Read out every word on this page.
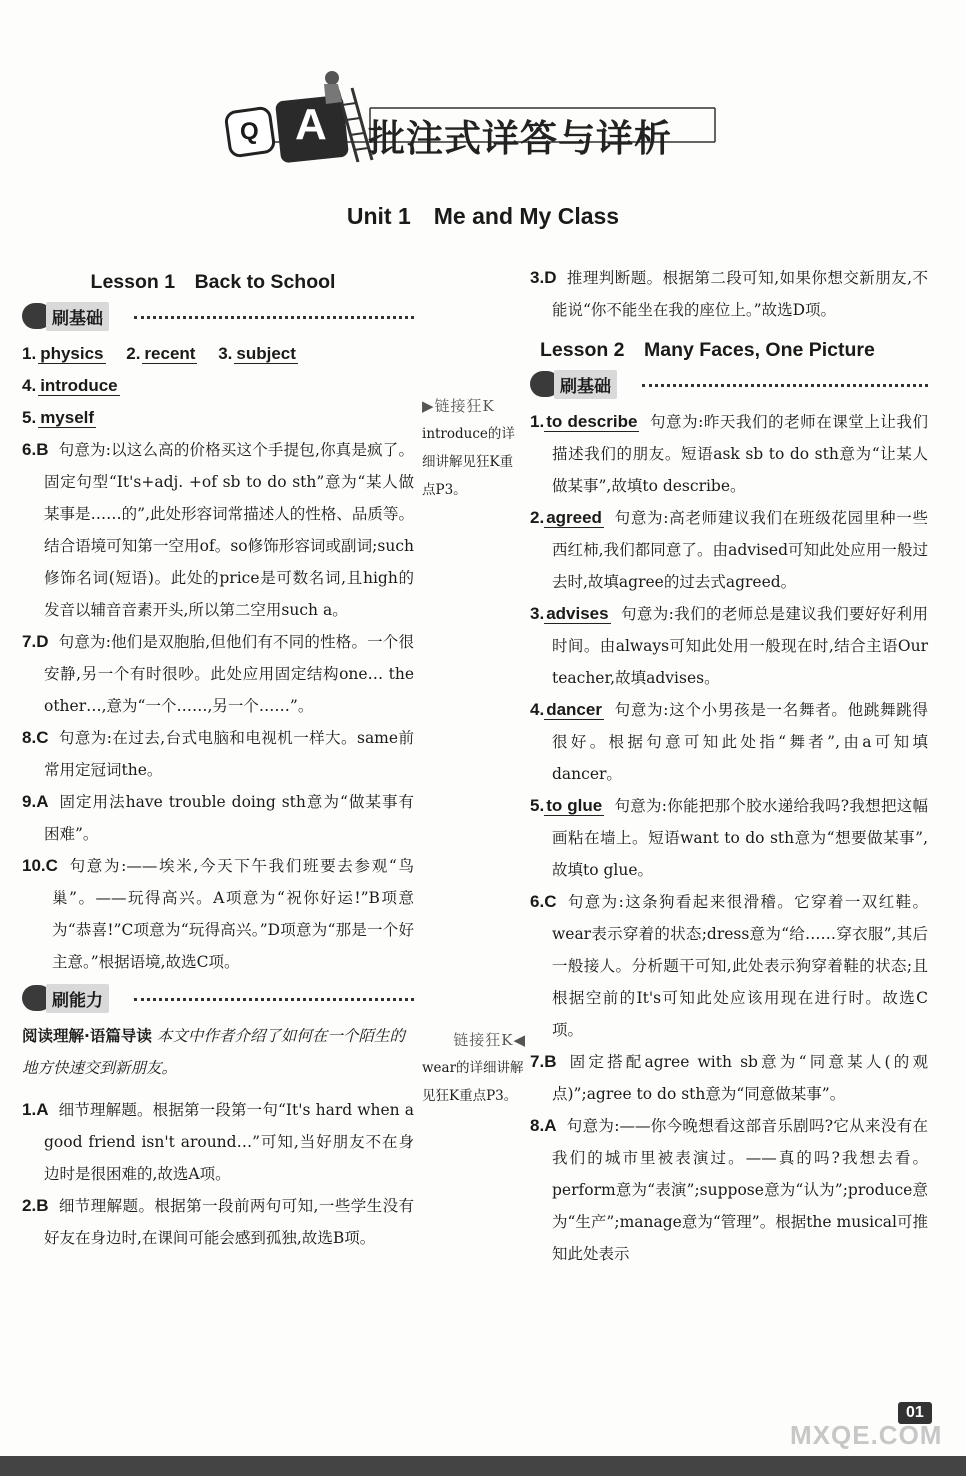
Q A 批注式详答与详析
Unit 1　Me and My Class
Lesson 1　Back to School
刷基础
1. physics 2. recent 3. subject
4. introduce
5. myself
6.B 句意为:以这么高的价格买这个手提包,你真是疯了。固定句型“It's+adj. +of sb to do sth”意为“某人做某事是……的”,此处形容词常描述人的性格、品质等。结合语境可知第一空用of。so修饰形容词或副词;such修饰名词(短语)。此处的price是可数名词,且high的发音以辅音音素开头,所以第二空用such a。
7.D 句意为:他们是双胞胎,但他们有不同的性格。一个很安静,另一个有时很吵。此处应用固定结构one… the other…,意为“一个……,另一个……”。
8.C 句意为:在过去,台式电脑和电视机一样大。same前常用定冠词the。
9.A 固定用法have trouble doing sth意为“做某事有困难”。
10.C 句意为:——埃米,今天下午我们班要去参观“鸟巢”。——玩得高兴。A项意为“祝你好运!”B项意为“恭喜!”C项意为“玩得高兴。”D项意为“那是一个好主意。”根据语境,故选C项。
刷能力
阅读理解·语篇导读 本文中作者介绍了如何在一个陌生的地方快速交到新朋友。
1.A 细节理解题。根据第一段第一句“It's hard when a good friend isn't around…”可知,当好朋友不在身边时是很困难的,故选A项。
2.B 细节理解题。根据第一段前两句可知,一些学生没有好友在身边时,在课间可能会感到孤独,故选B项。
▶链接狂K
introduce的详细讲解见狂K重点P3。
链接狂K◀
wear的详细讲解见狂K重点P3。
3.D 推理判断题。根据第二段可知,如果你想交新朋友,不能说“你不能坐在我的座位上。”故选D项。
Lesson 2　Many Faces, One Picture
刷基础
1. to describe 句意为:昨天我们的老师在课堂上让我们描述我们的朋友。短语ask sb to do sth意为“让某人做某事”,故填to describe。
2. agreed 句意为:高老师建议我们在班级花园里种一些西红柿,我们都同意了。由advised可知此处应用一般过去时,故填agree的过去式agreed。
3. advises 句意为:我们的老师总是建议我们要好好利用时间。由always可知此处用一般现在时,结合主语Our teacher,故填advises。
4. dancer 句意为:这个小男孩是一名舞者。他跳舞跳得很好。根据句意可知此处指“舞者”,由a可知填dancer。
5. to glue 句意为:你能把那个胶水递给我吗?我想把这幅画粘在墙上。短语want to do sth意为“想要做某事”,故填to glue。
6.C 句意为:这条狗看起来很滑稽。它穿着一双红鞋。wear表示穿着的状态;dress意为“给……穿衣服”,其后一般接人。分析题干可知,此处表示狗穿着鞋的状态;且根据空前的It's可知此处应该用现在进行时。故选C项。
7.B 固定搭配agree with sb意为“同意某人(的观点)”;agree to do sth意为“同意做某事”。
8.A 句意为:——你今晚想看这部音乐剧吗?它从来没有在我们的城市里被表演过。——真的吗?我想去看。perform意为“表演”;suppose意为“认为”;produce意为“生产”;manage意为“管理”。根据the musical可推知此处表示
01
MXQE.COM
